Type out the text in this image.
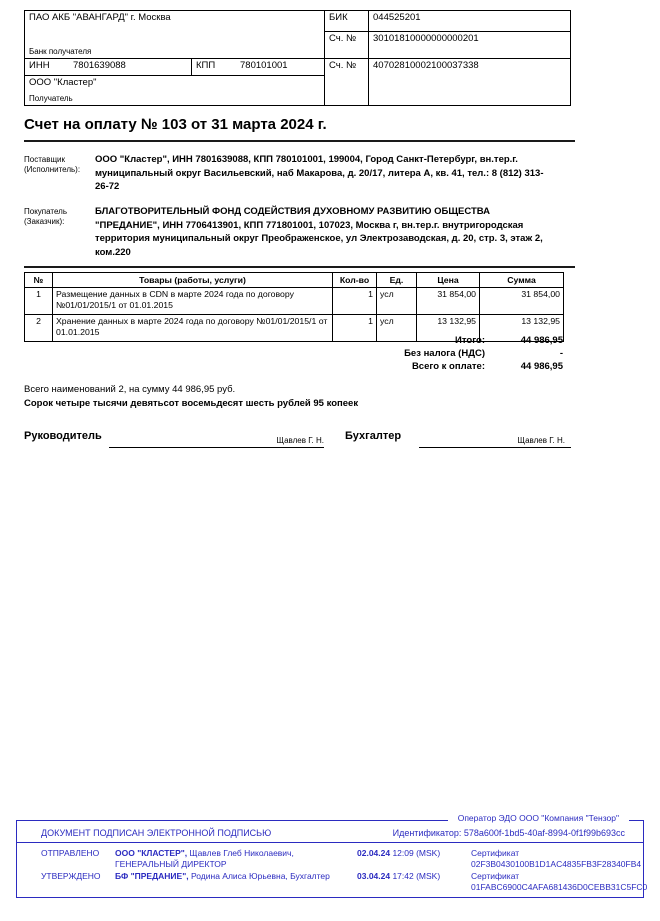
ПАО АКБ "АВАНГАРД" г. Москва
Банк получателя		БИК	044525201
		Сч. №	30101810000000000201
ИНН 7801639088	КПП 780101001	Сч. №	40702810002100037338

ООО "Кластер"
Получатель			
Счет на оплату № 103 от 31 марта 2024 г.
Поставщик
(Исполнитель):
ООО "Кластер", ИНН 7801639088, КПП 780101001, 199004, Город Санкт-Петербург, вн.тер.г. муниципальный округ Васильевский, наб Макарова, д. 20/17, литера А, кв. 41, тел.: 8 (812) 313-26-72
Покупатель
(Заказчик):
БЛАГОТВОРИТЕЛЬНЫЙ ФОНД СОДЕЙСТВИЯ ДУХОВНОМУ РАЗВИТИЮ ОБЩЕСТВА "ПРЕДАНИЕ", ИНН 7706413901, КПП 771801001, 107023, Москва г, вн.тер.г. внутригородская территория муниципальный округ Преображенское, ул Электрозаводская, д. 20, стр. 3, этаж 2, ком.220
№	Товары (работы, услуги)	Кол-во	Ед.	Цена	Сумма
1	Размещение данных в CDN в марте 2024 года по договору №01/01/2015/1 от 01.01.2015	1	усл	31 854,00	31 854,00
2	Хранение данных в марте 2024 года по договору №01/01/2015/1 от 01.01.2015	1	усл	13 132,95	13 132,95
Итого:	44 986,95
Без налога (НДС)	-
Всего к оплате:	44 986,95
Всего наименований 2, на сумму 44 986,95 руб.
Сорок четыре тысячи девятьсот восемьдесят шесть рублей 95 копеек
Руководитель	Щавлев Г. Н. Бухгалтер	Щавлев Г. Н.
Оператор ЭДО ООО "Компания "Тензор"
ДОКУМЕНТ ПОДПИСАН ЭЛЕКТРОННОЙ ПОДПИСЬЮ	Идентификатор: 578a600f-1bd5-40af-8994-0f1f99b693cc
ОТПРАВЛЕНО	ООО "КЛАСТЕР", Щавлев Глеб Николаевич, ГЕНЕРАЛЬНЫЙ ДИРЕКТОР
02.04.24 12:09 (MSK)	Сертификат 02F3B0430100B1D1AC4835FB3F28340FB4
УТВЕРЖДЕНО	БФ "ПРЕДАНИЕ", Родина Алиса Юрьевна, Бухгалтер	03.04.24 17:42 (MSK)	Сертификат 01FABC6900C4AFA681436D0CEBB31C5FC0
